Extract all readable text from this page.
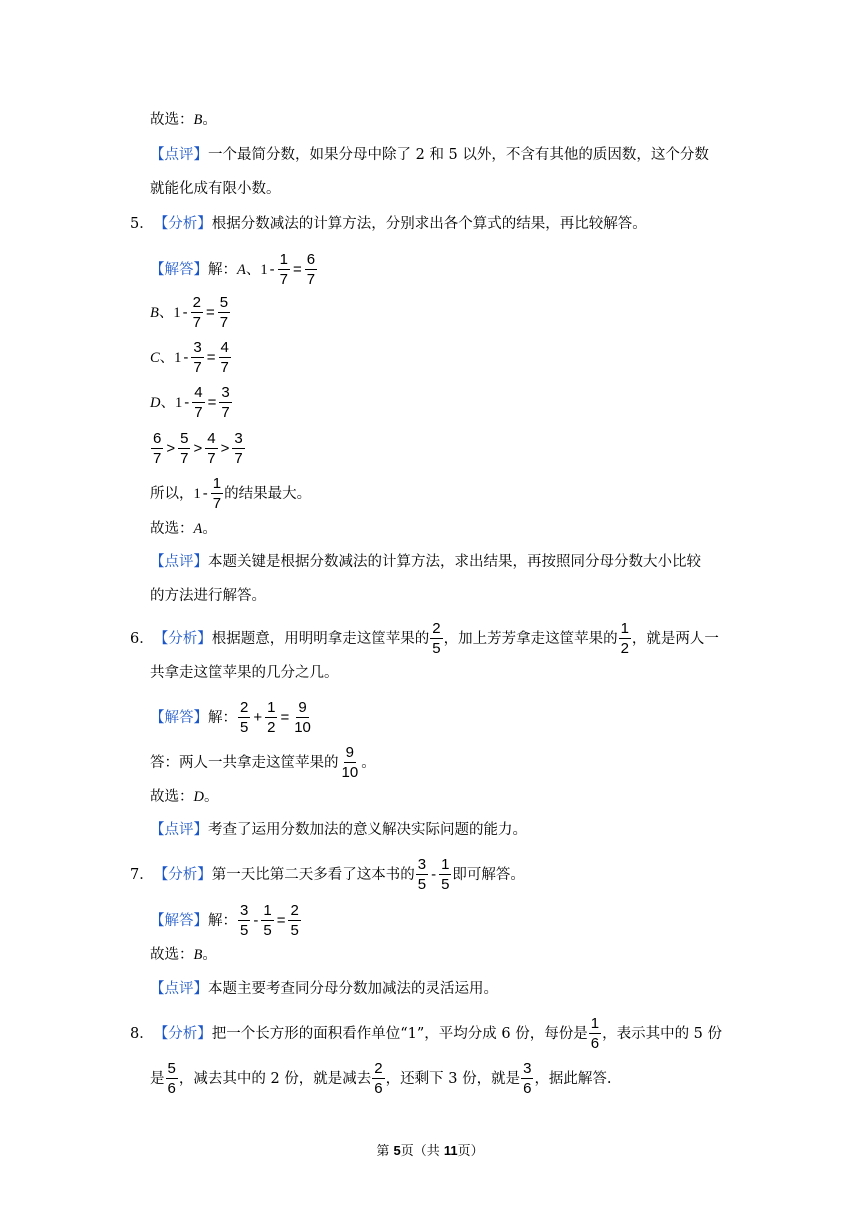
故选： B 。
【点评】 一个最简分数，如果分母中除了 2 和 5 以外，不含有其他的质因数，这个分数
就能化成有限小数。
5． 【分析】 根据分数减法的计算方法，分别求出各个算式的结果，再比较解答。
【解答】 解： A 、 $1 - \frac{1}{7} = \frac{6}{7}$
B 、 $1 - \frac{2}{7} = \frac{5}{7}$
C 、 $1 - \frac{3}{7} = \frac{4}{7}$
D 、 $1 - \frac{4}{7} = \frac{3}{7}$
$\frac{6}{7} > \frac{5}{7} > \frac{4}{7} > \frac{3}{7}$
所以， $1 - \frac{1}{7}$ 的结果最大。
故选： A 。
【点评】 本题关键是根据分数减法的计算方法，求出结果，再按照同分母分数大小比较
的方法进行解答。
6． 【分析】 根据题意，用明明拿走这筐苹果的 $\frac{2}{5}$ ，加上芳芳拿走这筐苹果的 $\frac{1}{2}$ ，就是两人一
共拿走这筐苹果的几分之几。
【解答】 解： $\frac{2}{5} + \frac{1}{2} = \frac{9}{10}$
答：两人一共拿走这筐苹果的 $\frac{9}{10}$ 。
故选： D 。
【点评】 考查了运用分数加法的意义解决实际问题的能力。
7． 【分析】 第一天比第二天多看了这本书的 $\frac{3}{5} - \frac{1}{5}$ 即可解答。
【解答】 解： $\frac{3}{5} - \frac{1}{5} = \frac{2}{5}$
故选： B 。
【点评】 本题主要考查同分母分数加减法的灵活运用。
8． 【分析】 把一个长方形的面积看作单位“1”，平均分成 6 份，每份是 $\frac{1}{6}$ ，表示其中的 5 份
是 $\frac{5}{6}$ ，减去其中的 2 份，就是减去 $\frac{2}{6}$ ，还剩下 3 份，就是 $\frac{3}{6}$ ，据此解答.
第 5页（共 11页）
